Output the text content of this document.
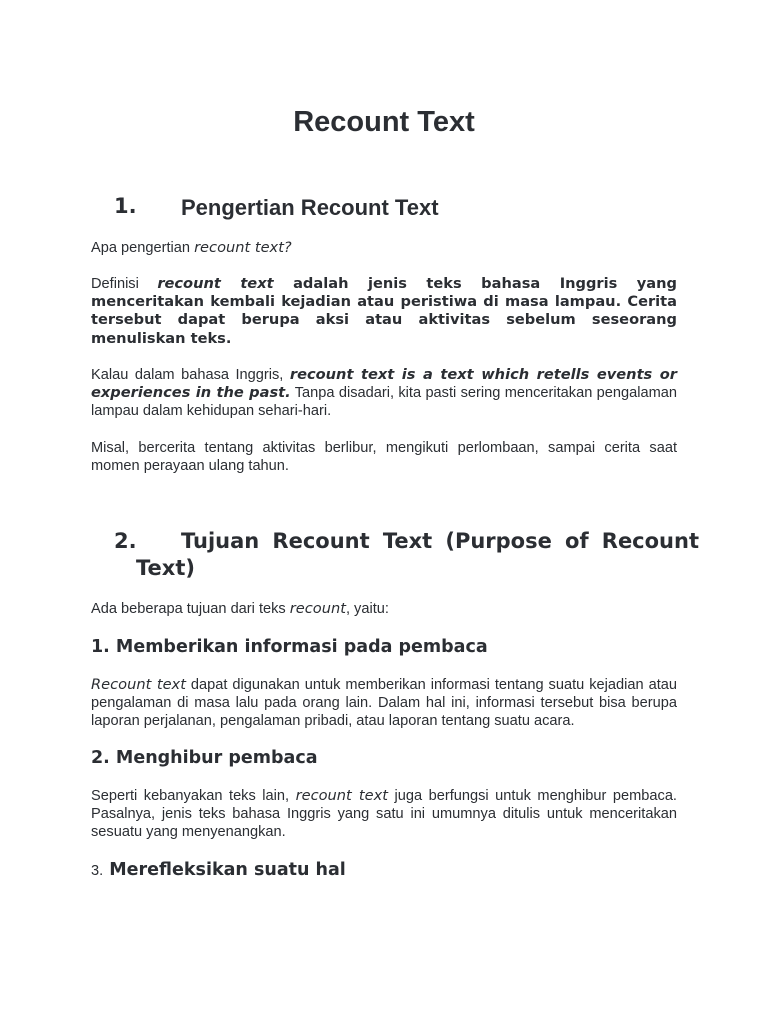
Recount Text
1. Pengertian Recount Text

Apa pengertian recount text?

Definisi recount text adalah jenis teks bahasa Inggris yang menceritakan kembali kejadian atau peristiwa di masa lampau. Cerita tersebut dapat berupa aksi atau aktivitas sebelum seseorang menuliskan teks.

Kalau dalam bahasa Inggris, recount text is a text which retells events or experiences in the past. Tanpa disadari, kita pasti sering menceritakan pengalaman lampau dalam kehidupan sehari-hari.

Misal, bercerita tentang aktivitas berlibur, mengikuti perlombaan, sampai cerita saat momen perayaan ulang tahun.

2. Tujuan Recount Text (Purpose of Recount Text)

Ada beberapa tujuan dari teks recount, yaitu:

1. Memberikan informasi pada pembaca

Recount text dapat digunakan untuk memberikan informasi tentang suatu kejadian atau pengalaman di masa lalu pada orang lain. Dalam hal ini, informasi tersebut bisa berupa laporan perjalanan, pengalaman pribadi, atau laporan tentang suatu acara.

2. Menghibur pembaca

Seperti kebanyakan teks lain, recount text juga berfungsi untuk menghibur pembaca. Pasalnya, jenis teks bahasa Inggris yang satu ini umumnya ditulis untuk menceritakan sesuatu yang menyenangkan.

3. Merefleksikan suatu hal
